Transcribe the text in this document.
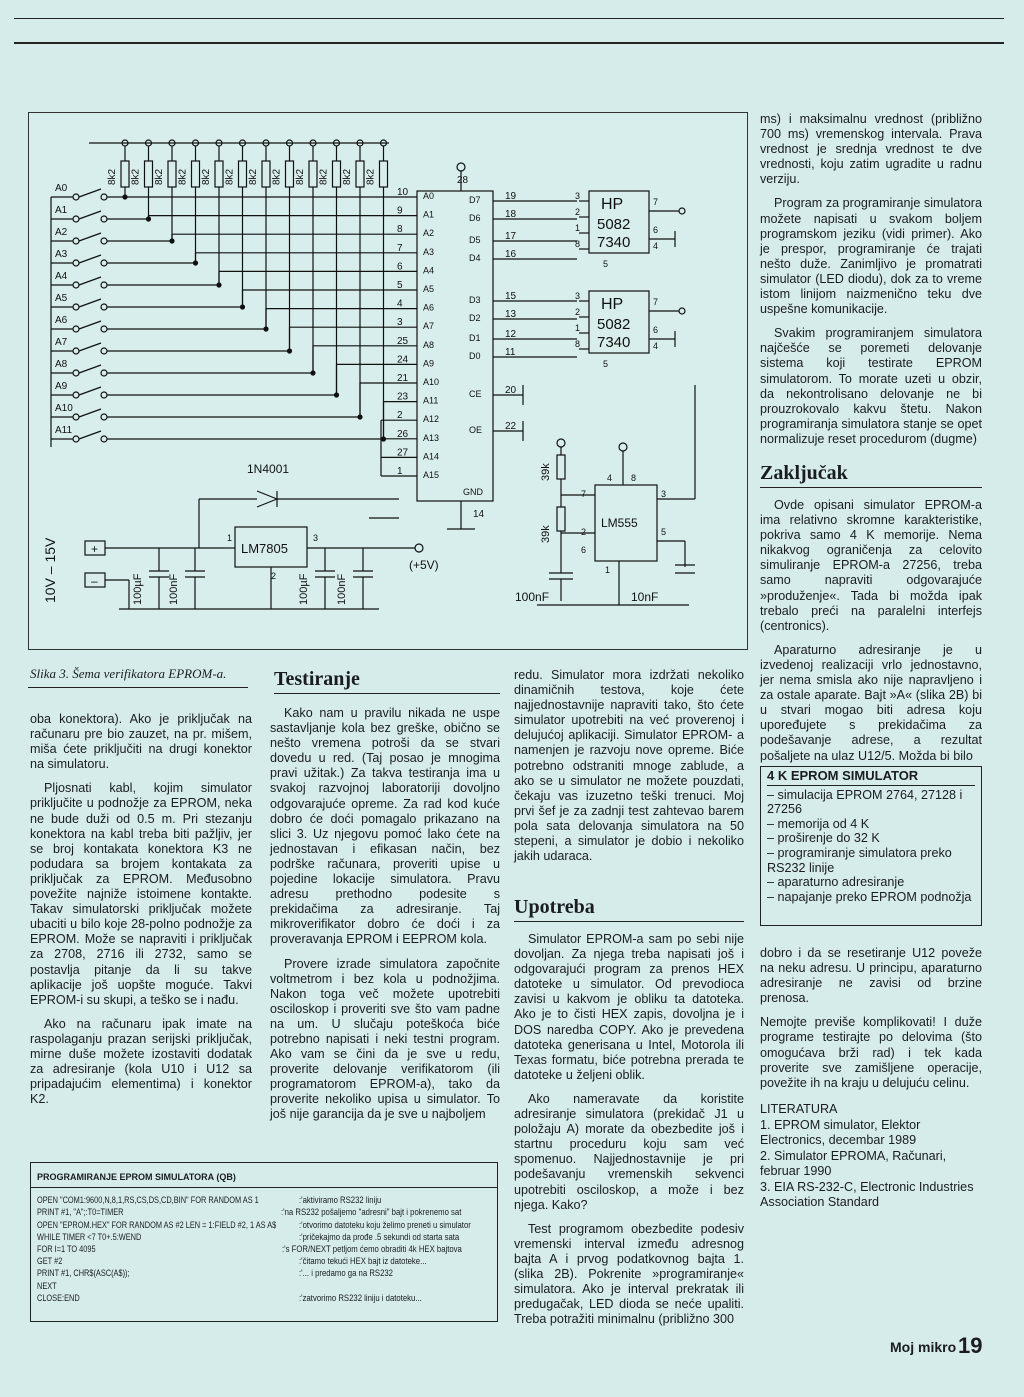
8k2
A0
8k2
A1
8k2
A2
8k2
A3
8k2
A4
8k2
A5
8k2
A6
8k2
A7
8k2
A8
8k2
A9
8k2
A10
8k2
A11
10 A0
9 A1
8 A2
7 A3
6 A4
5 A5
4 A6
3 A7
25 A8
24 A9
21 A10
23 A11
2 A12
26 A13
27 A14
1 A15
28
14
D7 19
D6 18
D5 17
D4 16
D3 15
D2 13
D1 12
D0 11
CE 20
OE 22
GND
HP
5082
7340
3
2
1
8
7
6
4
5
HP
5082
7340
3
2
1
8
7
6
4
5
LM555
4 8
7	3
2	5
6
1
39k
39k
100nF	10nF
10V – 15V	+
–
1N4001
LM7805
1
2
3
(+5V)
100µF 100nF	100µF 100nF
Slika 3. Šema verifikatora EPROM-a.

oba konektora). Ako je priključak na računaru pre bio zauzet, na pr. mišem, miša ćete priključiti na drugi konektor na simulatoru.

Pljosnati kabl, kojim simulator priključite u podnožje za EPROM, neka ne bude duži od 0.5 m. Pri stezanju konektora na kabl treba biti pažljiv, jer se broj kontakata konektora K3 ne podudara sa brojem kontakata za priključak za EPROM. Međusobno povežite najniže istoimene kontakte. Takav simulatorski priključak možete ubaciti u bilo koje 28-polno podnožje za EPROM. Može se napraviti i priključak za 2708, 2716 ili 2732, samo se postavlja pitanje da li su takve aplikacije još uopšte moguće. Takvi EPROM-i su skupi, a teško se i nađu.

Ako na računaru ipak imate na raspolaganju prazan serijski priključak, mirne duše možete izostaviti dodatak za adresiranje (kola U10 i U12 sa pripadajućim elementima) i konektor K2.

Testiranje

Kako nam u pravilu nikada ne uspe sastavljanje kola bez greške, obično se nešto vremena potroši da se stvari dovedu u red. (Taj posao je mnogima pravi užitak.) Za takva testiranja ima u svakoj razvojnoj laboratoriji dovoljno odgovarajuće opreme. Za rad kod kuće dobro će doći pomagalo prikazano na slici 3. Uz njegovu pomoć lako ćete na jednostavan i efikasan način, bez podrške računara, proveriti upise u pojedine lokacije simulatora. Pravu adresu prethodno podesite s prekidačima za adresiranje. Taj mikroverifikator dobro će doći i za proveravanja EPROM i EEPROM kola.

Provere izrade simulatora započnite voltmetrom i bez kola u podnožjima. Nakon toga več možete upotrebiti osciloskop i proveriti sve što vam padne na um. U slučaju poteškoća biće potrebno napisati i neki testni program. Ako vam se čini da je sve u redu, proverite delovanje verifikatorom (ili programatorom EPROM-a), tako da proverite nekoliko upisa u simulator. To još nije garancija da je sve u najboljem

redu. Simulator mora izdržati nekoliko dinamičnih testova, koje ćete najjednostavnije napraviti tako, što ćete simulator upotrebiti na već proverenoj i delujućoj aplikaciji. Simulator EPROM- a namenjen je razvoju nove opreme. Biće potrebno odstraniti mnoge zablude, a ako se u simulator ne možete pouzdati, čekaju vas izuzetno teški trenuci. Moj prvi šef je za zadnji test zahtevao barem pola sata delovanja simulatora na 50 stepeni, a simulator je dobio i nekoliko jakih udaraca.

Upotreba

Simulator EPROM-a sam po sebi nije dovoljan. Za njega treba napisati još i odgovarajući program za prenos HEX datoteke u simulator. Od prevodioca zavisi u kakvom je obliku ta datoteka. Ako je to čisti HEX zapis, dovoljna je i DOS naredba COPY. Ako je prevedena datoteka generisana u Intel, Motorola ili Texas formatu, biće potrebna prerada te datoteke u željeni oblik.

Ako nameravate da koristite adresiranje simulatora (prekidač J1 u položaju A) morate da obezbedite još i startnu proceduru koju sam već spomenuo. Najjednostavnije je pri podešavanju vremenskih sekvenci upotrebiti osciloskop, a može i bez njega. Kako?

Test programom obezbedite podesiv vremenski interval između adresnog bajta A i prvog podatkovnog bajta 1. (slika 2B). Pokrenite »programiranje« simulatora. Ako je interval prekratak ili predugačak, LED dioda se neće upaliti. Treba potražiti minimalnu (približno 300

ms) i maksimalnu vrednost (približno 700 ms) vremenskog intervala. Prava vrednost je srednja vrednost te dve vrednosti, koju zatim ugradite u radnu verziju.

Program za programiranje simulatora možete napisati u svakom boljem programskom jeziku (vidi primer). Ako je prespor, programiranje će trajati nešto duže. Zanimljivo je promatrati simulator (LED diodu), dok za to vreme istom linijom naizmenično teku dve uspešne komunikacije.

Svakim programiranjem simulatora najčešće se poremeti delovanje sistema koji testirate EPROM simulatorom. To morate uzeti u obzir, da nekontrolisano delovanje ne bi prouzrokovalo kakvu štetu. Nakon programiranja simulatora stanje se opet normalizuje reset procedurom (dugme)

Zaključak

Ovde opisani simulator EPROM-a ima relativno skromne karakteristike, pokriva samo 4 K memorije. Nema nikakvog ograničenja za celovito simuliranje EPROM-a 27256, treba samo napraviti odgovarajuće »produženje«. Tada bi možda ipak trebalo preći na paralelni interfejs (centronics).

Aparaturno adresiranje je u izvedenoj realizaciji vrlo jednostavno, jer nema smisla ako nije napravljeno i za ostale aparate. Bajt »A« (slika 2B) bi u stvari mogao biti adresa koju upoređujete s prekidačima za podešavanje adrese, a rezultat pošaljete na ulaz U12/5. Možda bi bilo

4 K EPROM SIMULATOR
– simulacija EPROM 2764, 27128 i 27256
– memorija od 4 K
– proširenje do 32 K
– programiranje simulatora preko RS232 linije
– aparaturno adresiranje
– napajanje preko EPROM podnožja

dobro i da se resetiranje U12 poveže na neku adresu. U principu, aparaturno adresiranje ne zavisi od brzine prenosa.

Nemojte previše komplikovati! I duže programe testirajte po delovima (što omogućava brži rad) i tek kada proverite sve zamišljene operacije, povežite ih na kraju u delujuću celinu.

LITERATURA
1. EPROM simulator, Elektor Electronics, decembar 1989
2. Simulator EPROMA, Računari, februar 1990
3. EIA RS-232-C, Electronic Industries Association Standard
PROGRAMIRANJE EPROM SIMULATORA (QB)
OPEN "COM1:9600,N,8,1,RS,CS,DS,CD,BIN" FOR RANDOM AS 1	:'aktiviramo RS232 liniju
PRINT #1, "A";:T0=TIMER	:'na RS232 pošaljemo "adresni" bajt i pokrenemo sat
OPEN "EPROM.HEX" FOR RANDOM AS #2 LEN = 1:FIELD #2, 1 AS A$	:'otvorimo datoteku koju želimo preneti u simulator
WHILE TIMER <7 T0+.5:WEND	:'pričekajmo da prođe .5 sekundi od starta sata
FOR I=1 TO 4095	:'s FOR/NEXT petljom ćemo obraditi 4k HEX bajtova
GET #2	:'čitamo tekući HEX bajt iz datoteke...
PRINT #1, CHR$(ASC(A$));	:'... i predamo ga na RS232
NEXT
CLOSE:END	:'zatvorimo RS232 liniju i datoteku...
Moj mikro 19
